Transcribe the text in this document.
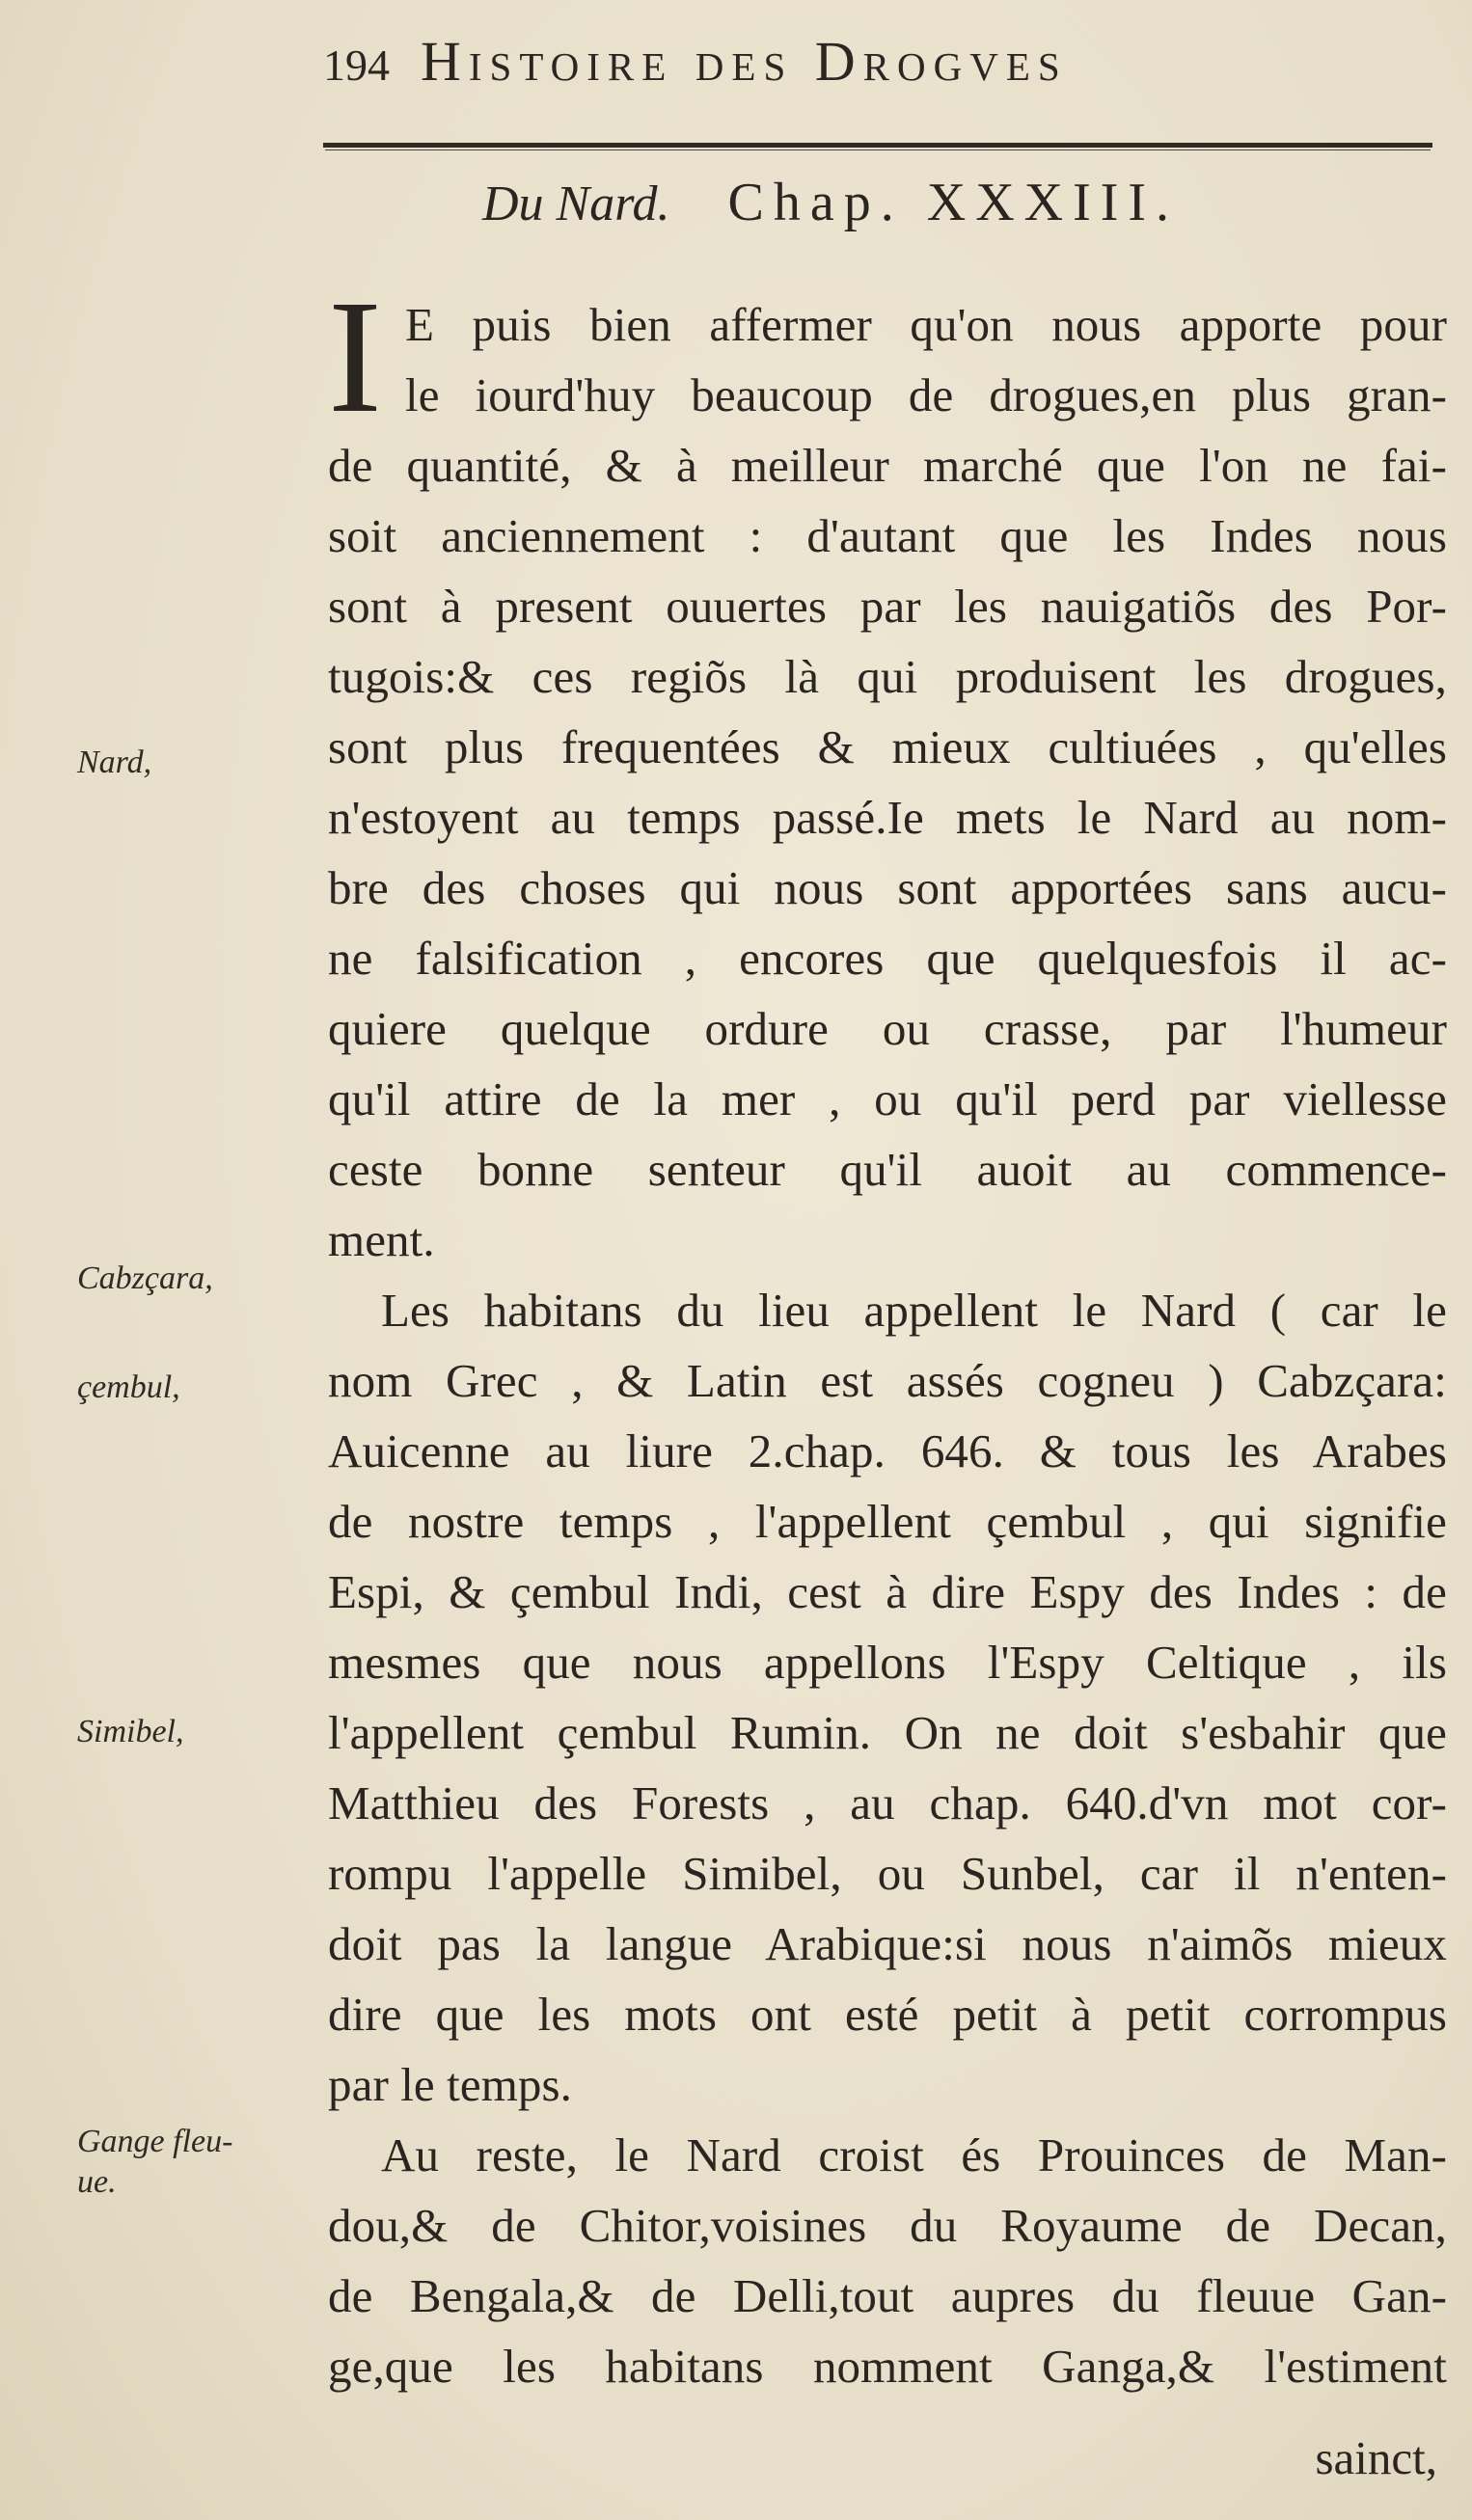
194 Histoire des Drogves
Du Nard. Chap. XXXIII.
I E puis bien affermer qu'on nous apporte pour
le iourd'huy beaucoup de drogues,en plus gran-
de quantité, & à meilleur marché que l'on ne fai-
soit anciennement : d'autant que les Indes nous
sont à present ouuertes par les nauigatiõs des Por-
tugois:& ces regiõs là qui produisent les drogues,
sont plus frequentées & mieux cultiuées , qu'elles
n'estoyent au temps passé.Ie mets le Nard au nom-
bre des choses qui nous sont apportées sans aucu-
ne falsification , encores que quelquesfois il ac-
quiere quelque ordure ou crasse, par l'humeur
qu'il attire de la mer , ou qu'il perd par viellesse
ceste bonne senteur qu'il auoit au commence-
ment.
Les habitans du lieu appellent le Nard ( car le
nom Grec , & Latin est assés cogneu ) Cabzçara:
Auicenne au liure 2.chap. 646. & tous les Arabes
de nostre temps , l'appellent çembul , qui signifie
Espi, & çembul Indi, cest à dire Espy des Indes : de
mesmes que nous appellons l'Espy Celtique , ils
l'appellent çembul Rumin. On ne doit s'esbahir que
Matthieu des Forests , au chap. 640.d'vn mot cor-
rompu l'appelle Simibel, ou Sunbel, car il n'enten-
doit pas la langue Arabique:si nous n'aimõs mieux
dire que les mots ont esté petit à petit corrompus
par le temps.
Au reste, le Nard croist és Prouinces de Man-
dou,& de Chitor,voisines du Royaume de Decan,
de Bengala,& de Delli,tout aupres du fleuue Gan-
ge,que les habitans nomment Ganga,& l'estiment
Nard,
Cabzçara,
çembul,
Simibel,
Gange fleu-
ue.
sainct,
